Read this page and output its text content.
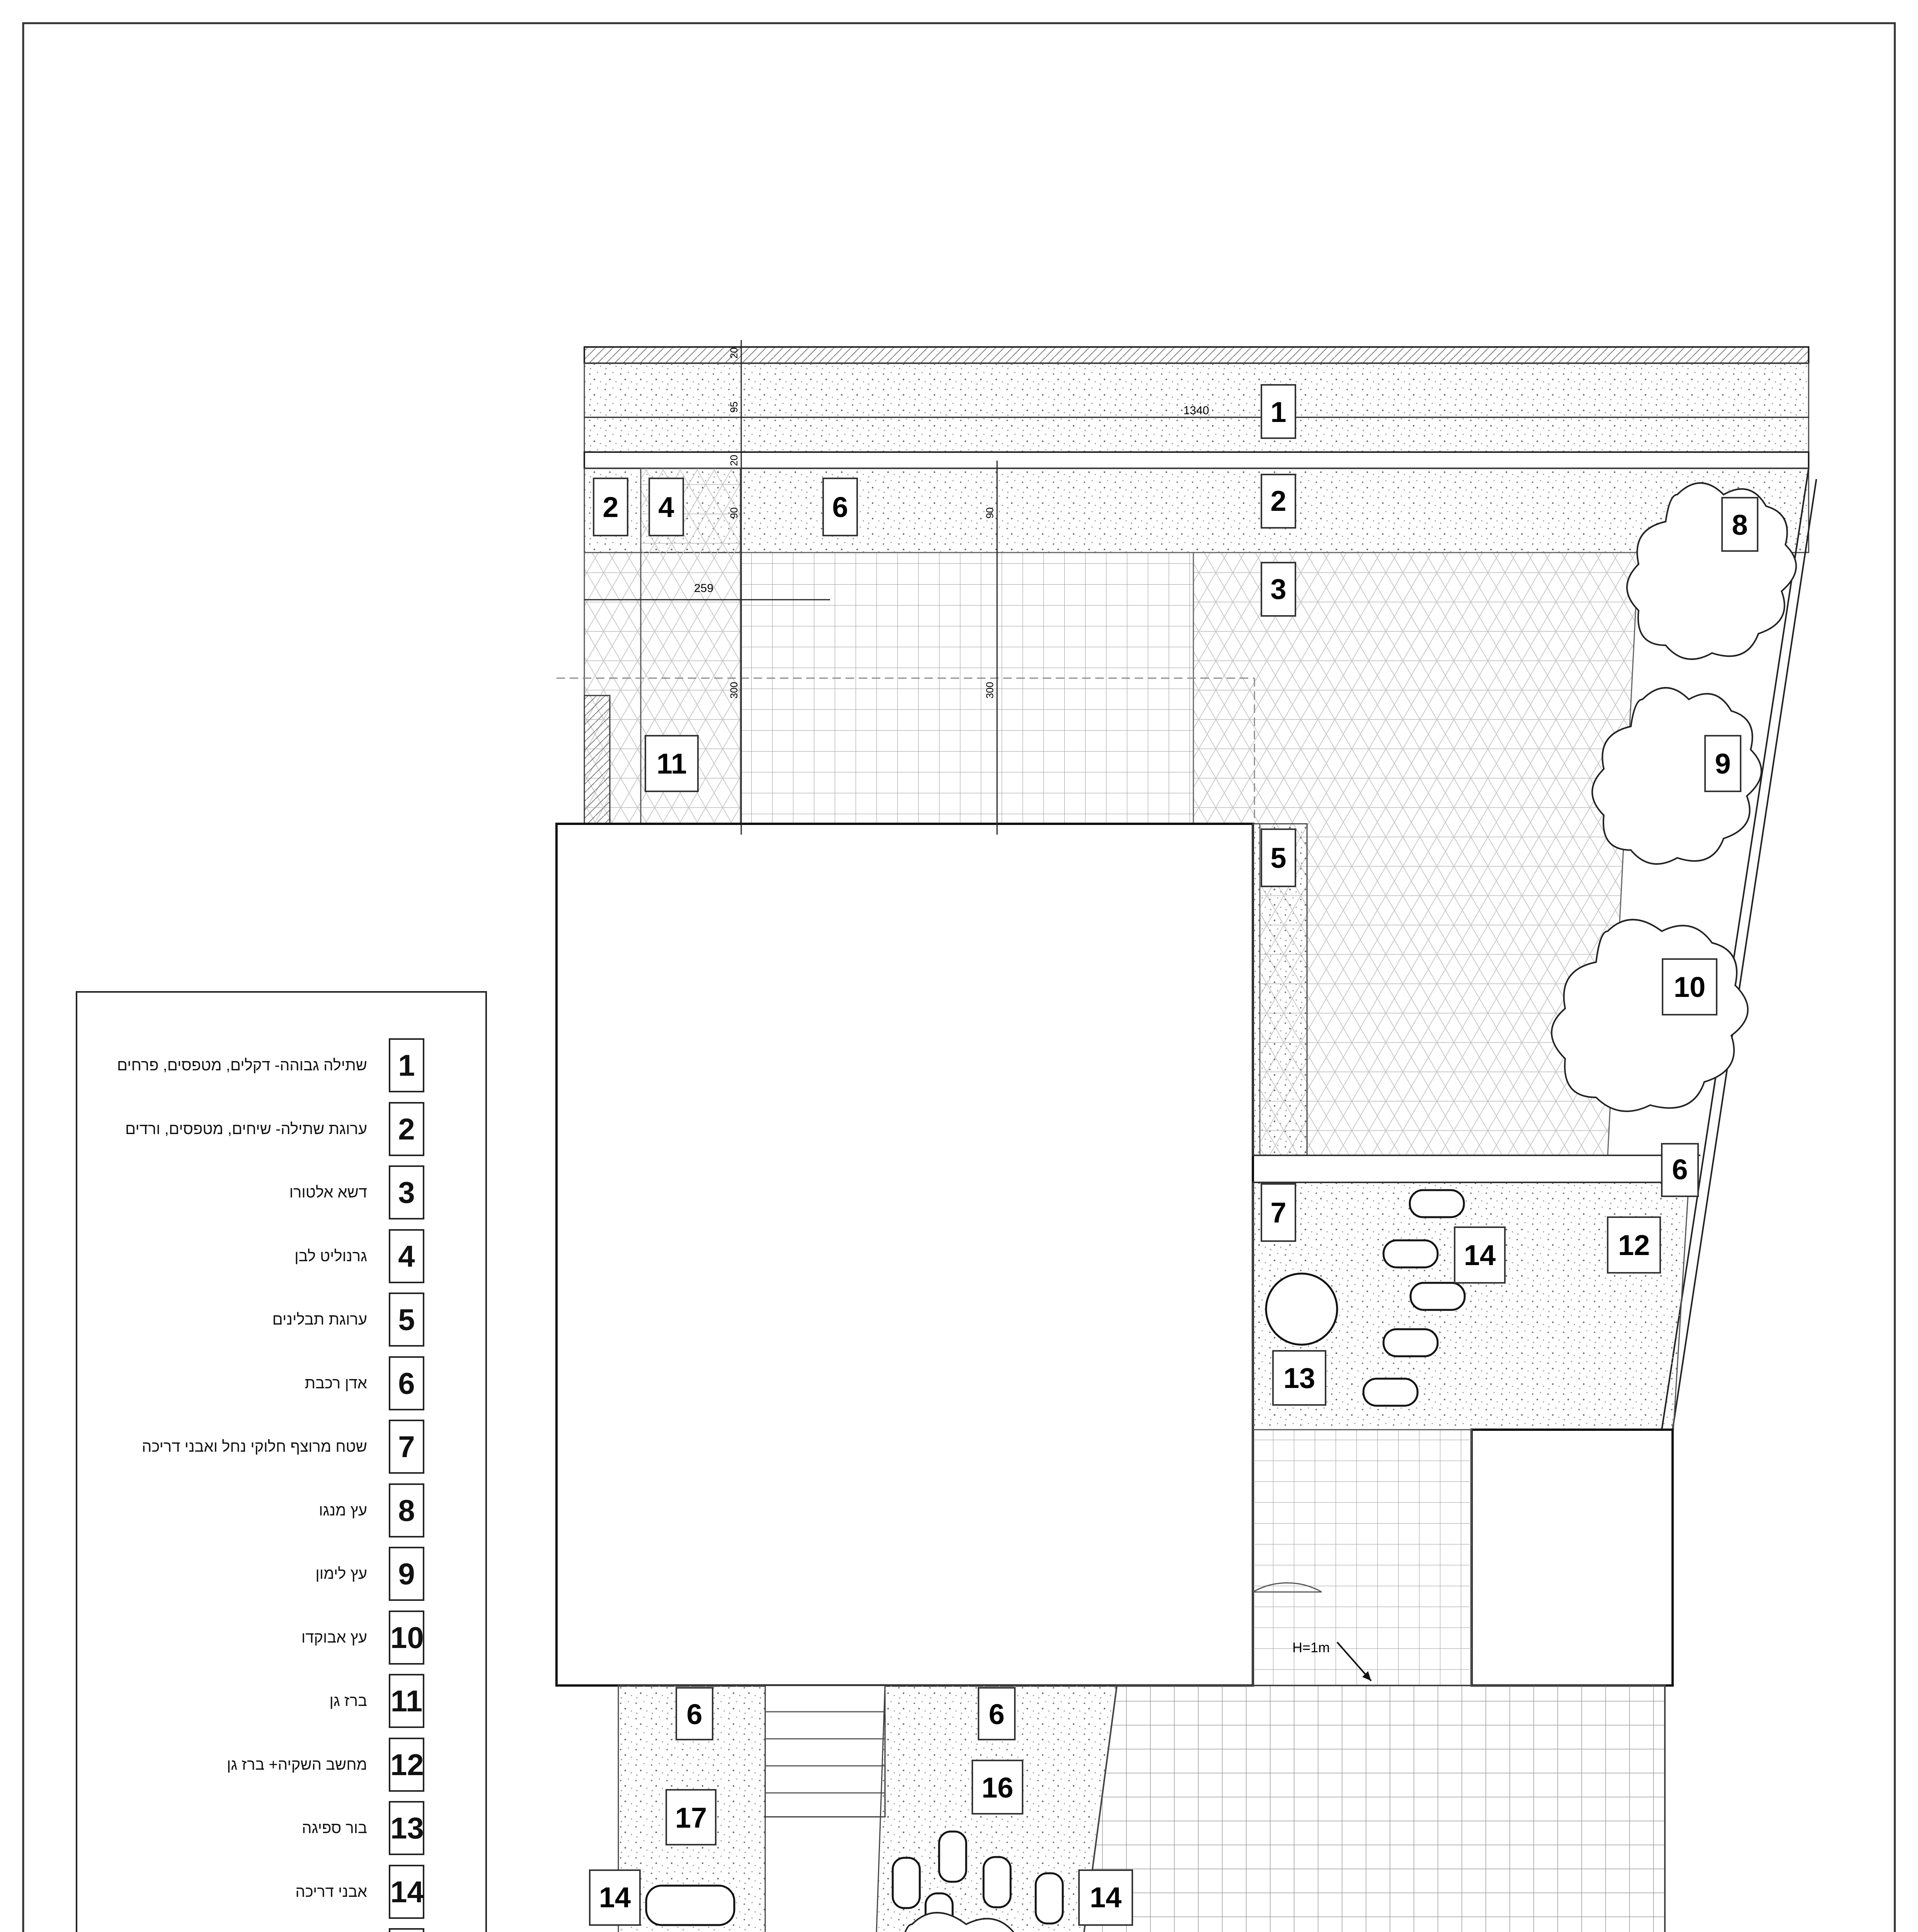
20
95	1340
20
90	90
259
300	300
H=1m
1
2
3
2 4	6
5
6
7
8
9
10
11
12
13
14
14	14
6	6
16
17
1
שתילה גבוהה- דקלים, מטפסים, פרחים
2
ערוגת שתילה- שיחים, מטפסים, ורדים
3
דשא אלטורו
4
גרנוליט לבן
5
ערוגת תבלינים
6
אדן רכבת
7
שטח מרוצף חלוקי נחל ואבני דריכה
8
עץ מנגו
9
עץ לימון
10
עץ אבוקדו
11
ברז גן
12
מחשב השקיה+ ברז גן
13
בור ספיגה
14
אבני דריכה
